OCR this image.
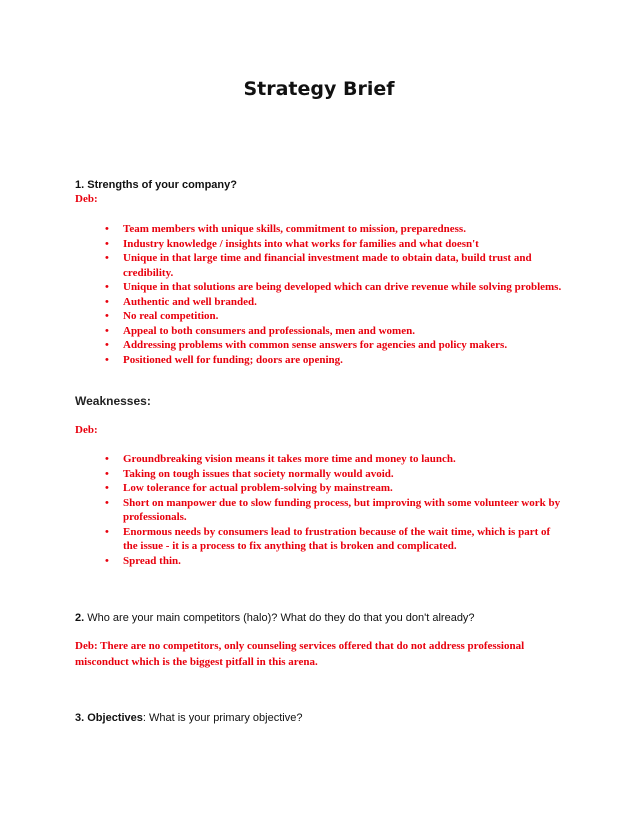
Strategy Brief
1. Strengths of your company?
Deb:
•	Team members with unique skills, commitment to mission, preparedness.
•	Industry knowledge / insights into what works for families and what doesn't
•	Unique in that large time and financial investment made to obtain data, build trust and credibility.
•	Unique in that solutions are being developed which can drive revenue while solving problems.
•	Authentic and well branded.
•	No real competition.
•	Appeal to both consumers and professionals, men and women.
•	Addressing problems with common sense answers for agencies and policy makers.
•	Positioned well for funding; doors are opening.
Weaknesses:
Deb:
•	Groundbreaking vision means it takes more time and money to launch.
•	Taking on tough issues that society normally would avoid.
•	Low tolerance for actual problem-solving by mainstream.
•	Short on manpower due to slow funding process, but improving with some volunteer work by professionals.
•	Enormous needs by consumers lead to frustration because of the wait time, which is part of the issue - it is a process to fix anything that is broken and complicated.
•	Spread thin.
2. Who are your main competitors (halo)? What do they do that you don't already?
Deb: There are no competitors, only counseling services offered that do not address professional misconduct which is the biggest pitfall in this arena.
3. Objectives: What is your primary objective?
